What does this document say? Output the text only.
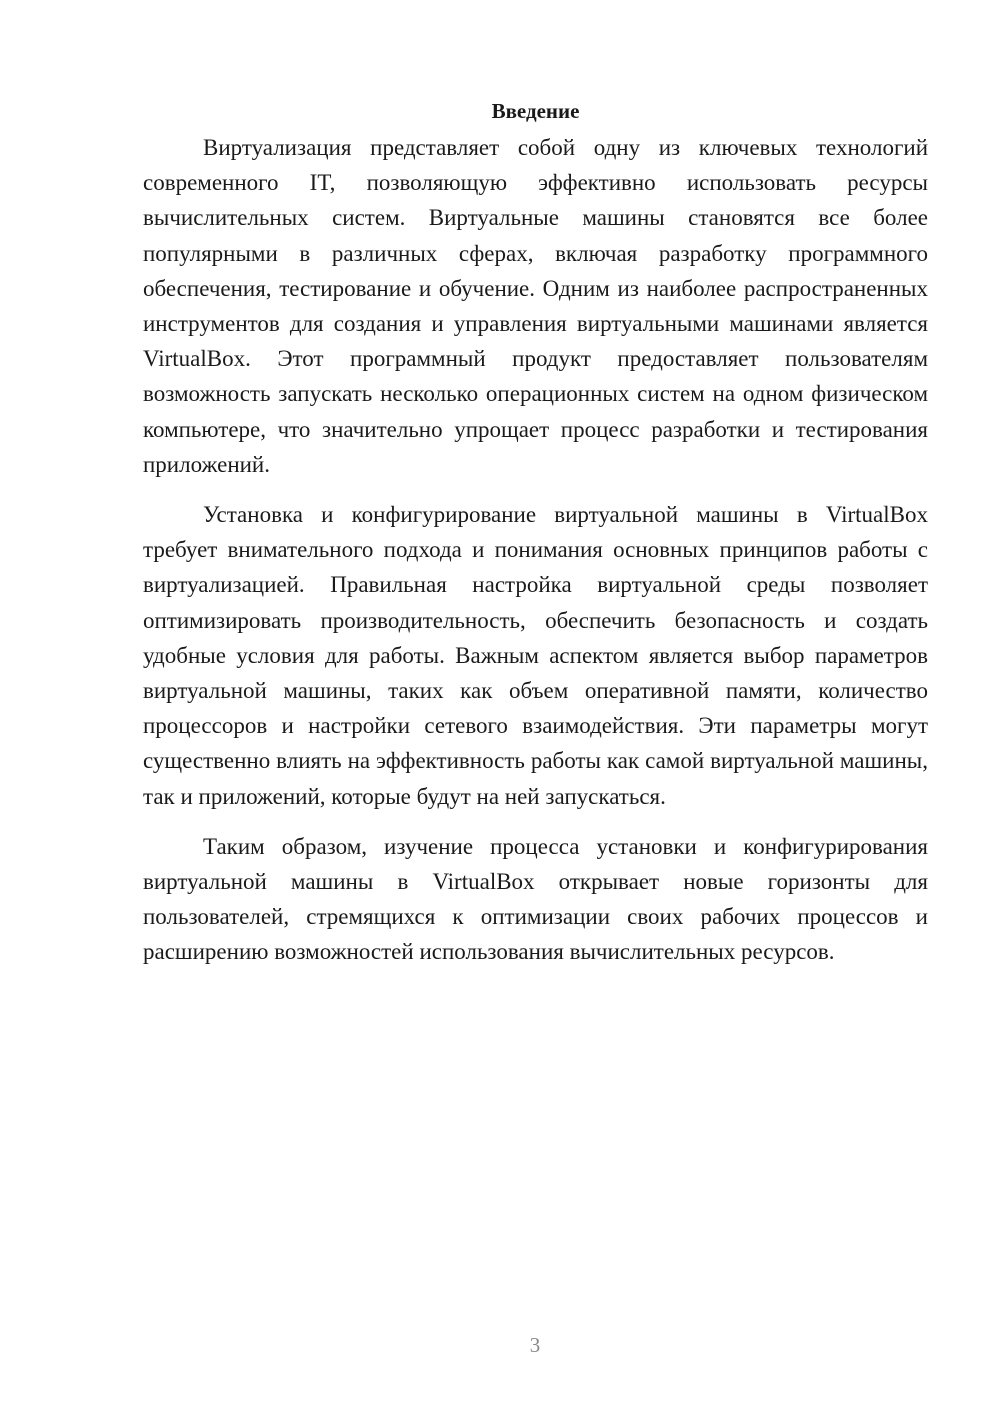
Введение

Виртуализация представляет собой одну из ключевых технологий современного IT, позволяющую эффективно использовать ресурсы вычислительных систем. Виртуальные машины становятся все более популярными в различных сферах, включая разработку программного обеспечения, тестирование и обучение. Одним из наиболее распространенных инструментов для создания и управления виртуальными машинами является VirtualBox. Этот программный продукт предоставляет пользователям возможность запускать несколько операционных систем на одном физическом компьютере, что значительно упрощает процесс разработки и тестирования приложений.

Установка и конфигурирование виртуальной машины в VirtualBox требует внимательного подхода и понимания основных принципов работы с виртуализацией. Правильная настройка виртуальной среды позволяет оптимизировать производительность, обеспечить безопасность и создать удобные условия для работы. Важным аспектом является выбор параметров виртуальной машины, таких как объем оперативной памяти, количество процессоров и настройки сетевого взаимодействия. Эти параметры могут существенно влиять на эффективность работы как самой виртуальной машины, так и приложений, которые будут на ней запускаться.

Таким образом, изучение процесса установки и конфигурирования виртуальной машины в VirtualBox открывает новые горизонты для пользователей, стремящихся к оптимизации своих рабочих процессов и расширению возможностей использования вычислительных ресурсов.

3
